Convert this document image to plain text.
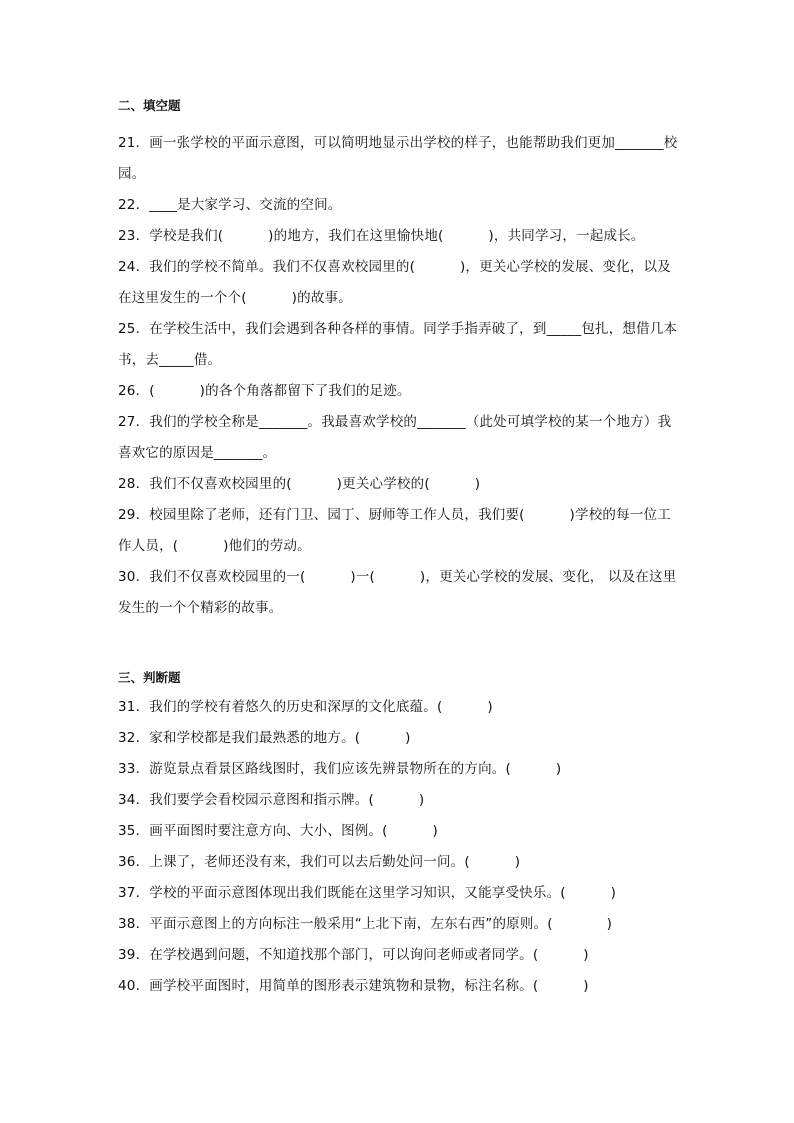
二、填空题

21．画一张学校的平面示意图，可以简明地显示出学校的样子，也能帮助我们更加_______校园。

22．____是大家学习、交流的空间。

23．学校是我们(          )的地方，我们在这里愉快地(          )，共同学习，一起成长。

24．我们的学校不简单。我们不仅喜欢校园里的(          )，更关心学校的发展、变化，以及在这里发生的一个个(          )的故事。

25．在学校生活中，我们会遇到各种各样的事情。同学手指弄破了，到_____包扎，想借几本书，去_____借。

26．(          )的各个角落都留下了我们的足迹。

27．我们的学校全称是_______。我最喜欢学校的_______（此处可填学校的某一个地方）我喜欢它的原因是_______。

28．我们不仅喜欢校园里的(          )更关心学校的(          )

29．校园里除了老师，还有门卫、园丁、厨师等工作人员，我们要(          )学校的每一位工作人员，(          )他们的劳动。

30．我们不仅喜欢校园里的一(          )一(          )，更关心学校的发展、变化， 以及在这里发生的一个个精彩的故事。

三、判断题

31．我们的学校有着悠久的历史和深厚的文化底蕴。(          )

32．家和学校都是我们最熟悉的地方。(          )

33．游览景点看景区路线图时，我们应该先辨景物所在的方向。(          )

34．我们要学会看校园示意图和指示牌。(          )

35．画平面图时要注意方向、大小、图例。(          )

36．上课了，老师还没有来，我们可以去后勤处问一问。(          )

37．学校的平面示意图体现出我们既能在这里学习知识，又能享受快乐。(          )

38．平面示意图上的方向标注一般采用“上北下南，左东右西”的原则。(            )

39．在学校遇到问题，不知道找那个部门，可以询问老师或者同学。(          )

40．画学校平面图时，用简单的图形表示建筑物和景物，标注名称。(          )
